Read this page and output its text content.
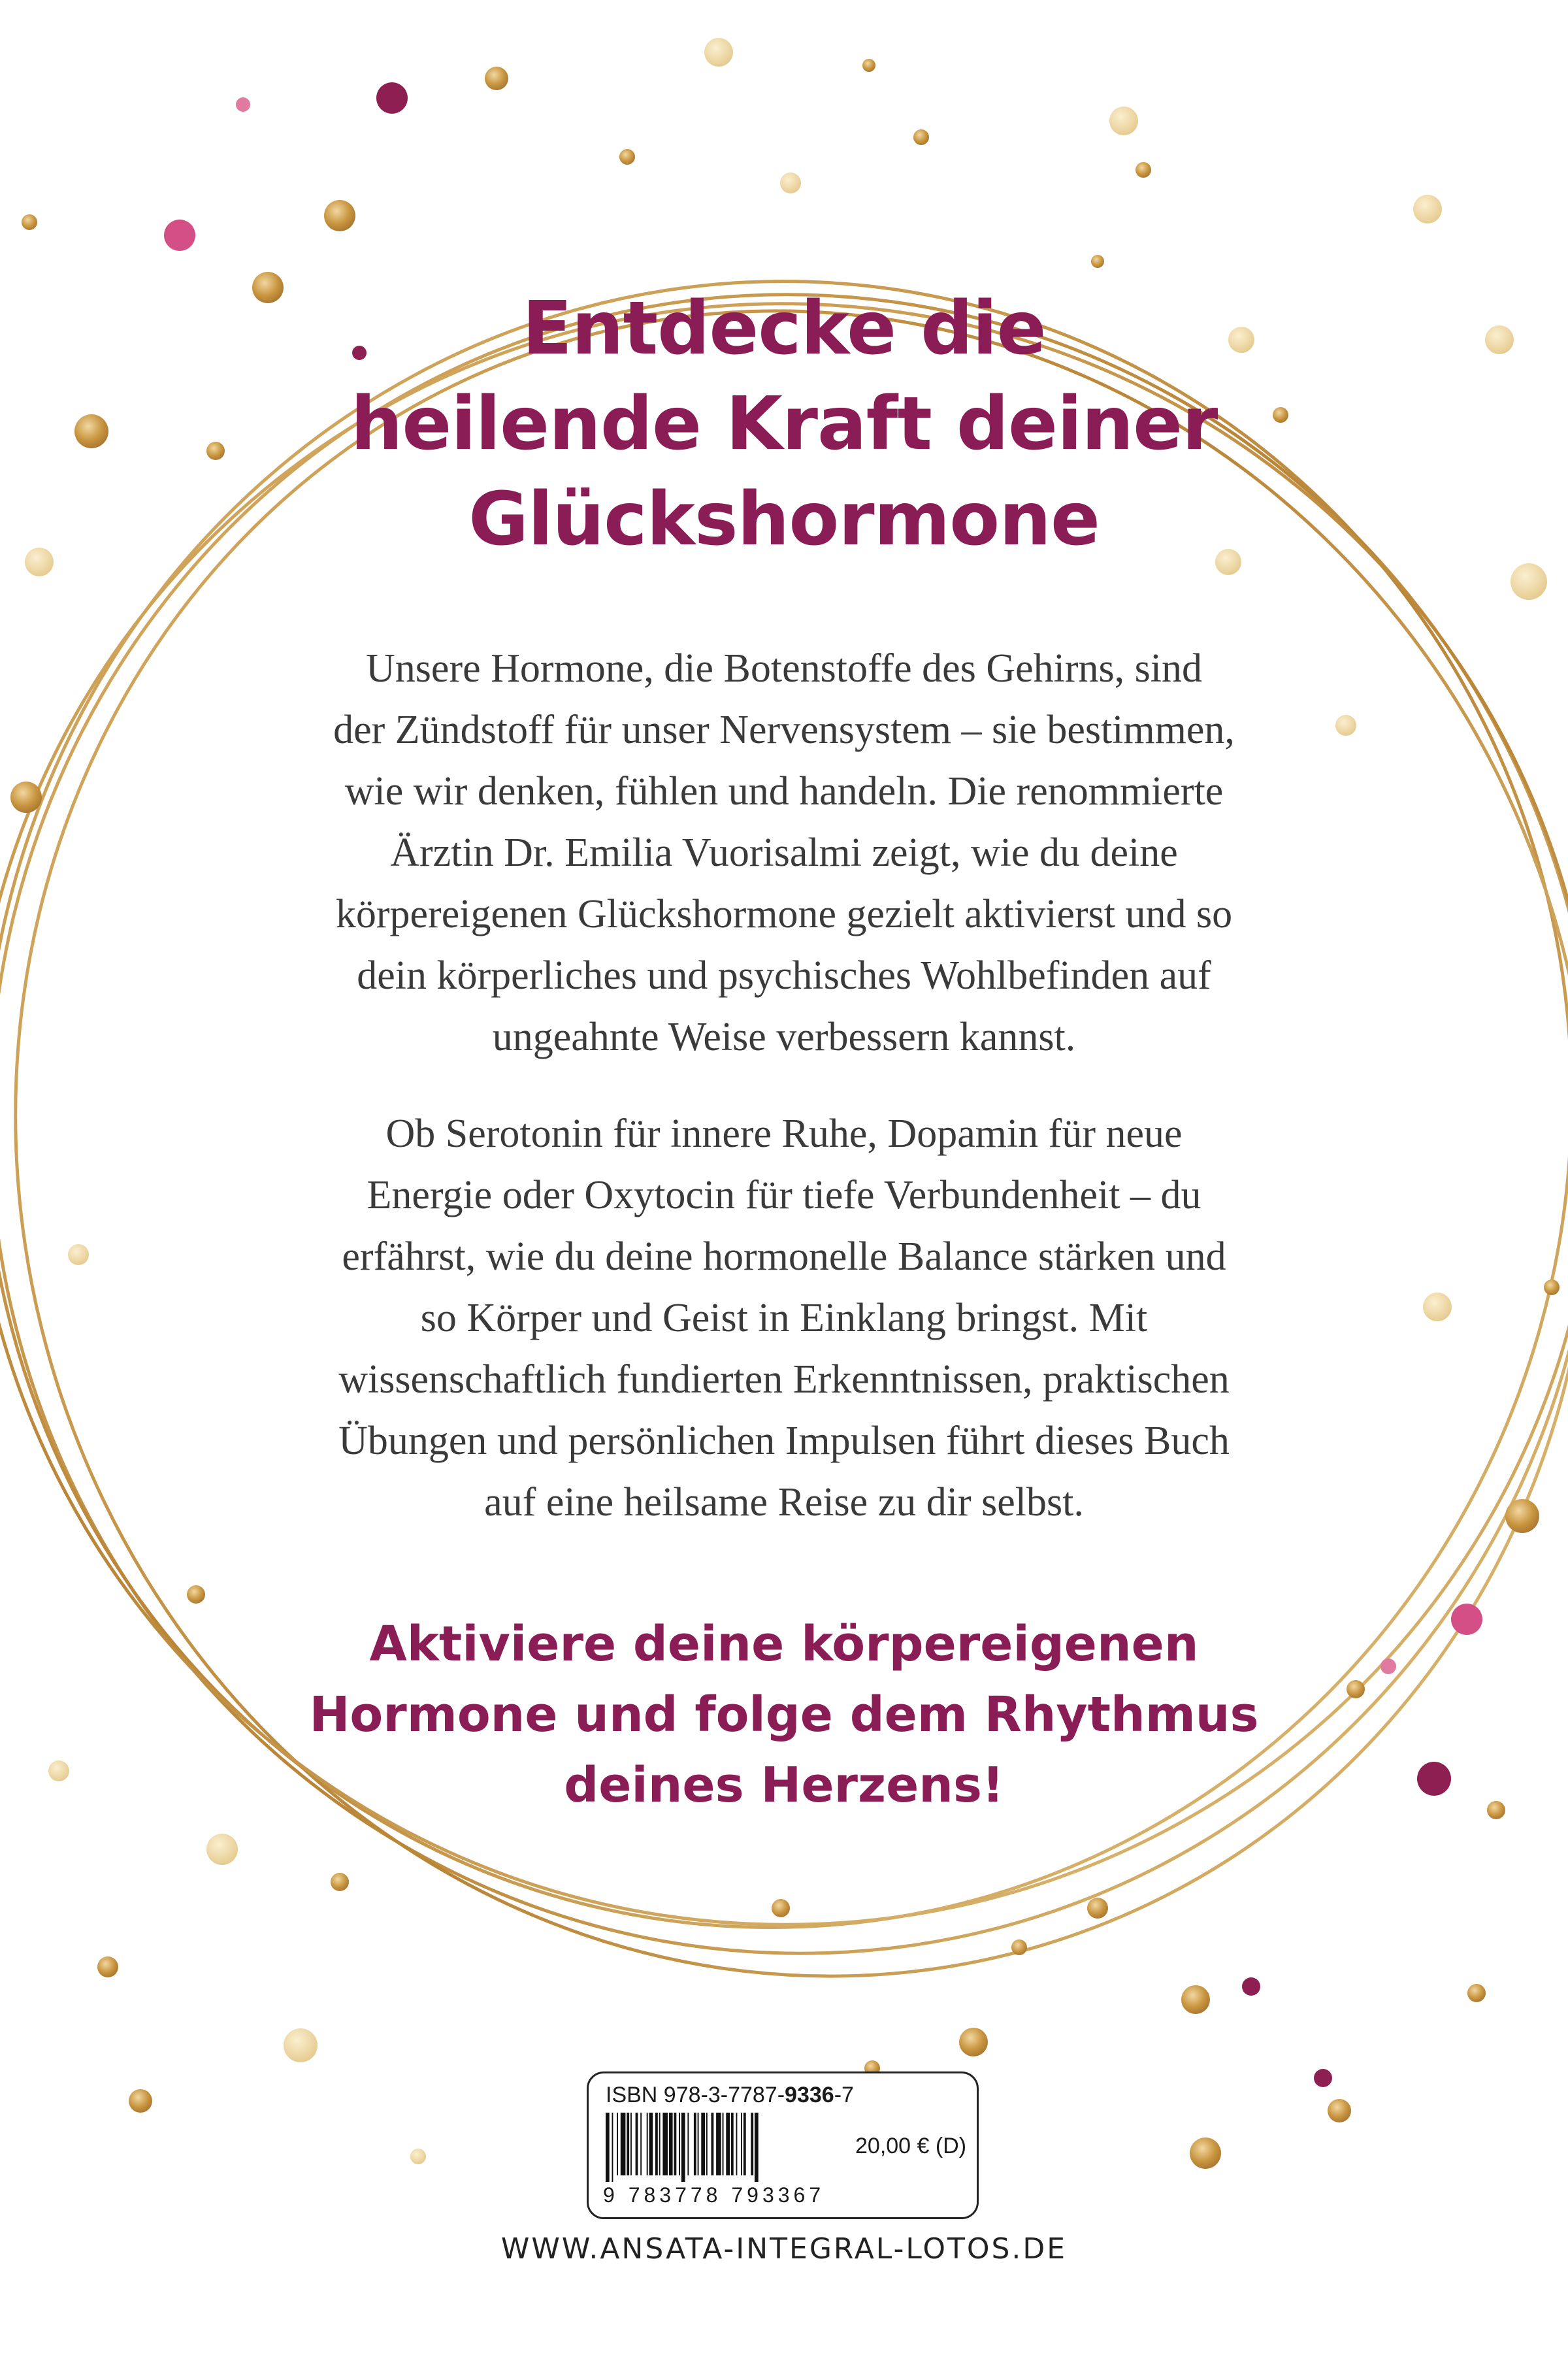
Entdecke die
heilende Kraft deiner
Glückshormone
Unsere Hormone, die Botenstoffe des Gehirns, sind
der Zündstoff für unser Nervensystem – sie bestimmen,
wie wir denken, fühlen und handeln. Die renommierte
Ärztin Dr. Emilia Vuorisalmi zeigt, wie du deine
körpereigenen Glückshormone gezielt aktivierst und so
dein körperliches und psychisches Wohlbefinden auf
ungeahnte Weise verbessern kannst.
Ob Serotonin für innere Ruhe, Dopamin für neue
Energie oder Oxytocin für tiefe Verbundenheit – du
erfährst, wie du deine hormonelle Balance stärken und
so Körper und Geist in Einklang bringst. Mit
wissenschaftlich fundierten Erkenntnissen, praktischen
Übungen und persönlichen Impulsen führt dieses Buch
auf eine heilsame Reise zu dir selbst.
Aktiviere deine körpereigenen
Hormone und folge dem Rhythmus
deines Herzens!
ISBN 978-3-7787-9336-7
20,00 € (D)
9 783778 793367
WWW.ANSATA-INTEGRAL-LOTOS.DE
